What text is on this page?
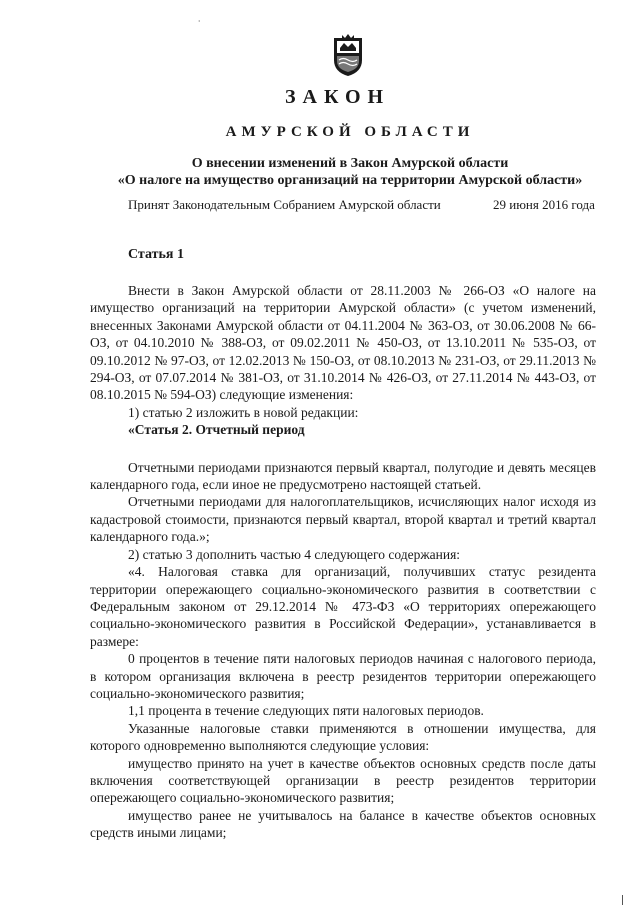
⸱
ЗАКОН
АМУРСКОЙ ОБЛАСТИ
О внесении изменений в Закон Амурской области
«О налоге на имущество организаций на территории Амурской области»
Принят Законодательным Собранием Амурской области	29 июня 2016 года
Статья 1

Внести в Закон Амурской области от 28.11.2003 № 266-ОЗ «О налоге на имущество организаций на территории Амурской области» (с учетом изменений, внесенных Законами Амурской области от 04.11.2004 № 363-ОЗ, от 30.06.2008 № 66-ОЗ, от 04.10.2010 № 388-ОЗ, от 09.02.2011 № 450-ОЗ, от 13.10.2011 № 535-ОЗ, от 09.10.2012 № 97-ОЗ, от 12.02.2013 № 150-ОЗ, от 08.10.2013 № 231-ОЗ, от 29.11.2013 № 294-ОЗ, от 07.07.2014 № 381-ОЗ, от 31.10.2014 № 426-ОЗ, от 27.11.2014 № 443-ОЗ, от 08.10.2015 № 594-ОЗ) следующие изменения:

1) статью 2 изложить в новой редакции:

«Статья 2. Отчетный период

Отчетными периодами признаются первый квартал, полугодие и девять месяцев календарного года, если иное не предусмотрено настоящей статьей.

Отчетными периодами для налогоплательщиков, исчисляющих налог исходя из кадастровой стоимости, признаются первый квартал, второй квартал и третий квартал календарного года.»;

2) статью 3 дополнить частью 4 следующего содержания:

«4. Налоговая ставка для организаций, получивших статус резидента территории опережающего социально-экономического развития в соответствии с Федеральным законом от 29.12.2014 № 473-ФЗ «О территориях опережающего социально-экономического развития в Российской Федерации», устанавливается в размере:

0 процентов в течение пяти налоговых периодов начиная с налогового периода, в котором организация включена в реестр резидентов территории опережающего социально-экономического развития;

1,1 процента в течение следующих пяти налоговых периодов.

Указанные налоговые ставки применяются в отношении имущества, для которого одновременно выполняются следующие условия:

имущество принято на учет в качестве объектов основных средств после даты включения соответствующей организации в реестр резидентов территории опережающего социально-экономического развития;

имущество ранее не учитывалось на балансе в качестве объектов основных средств иными лицами;
